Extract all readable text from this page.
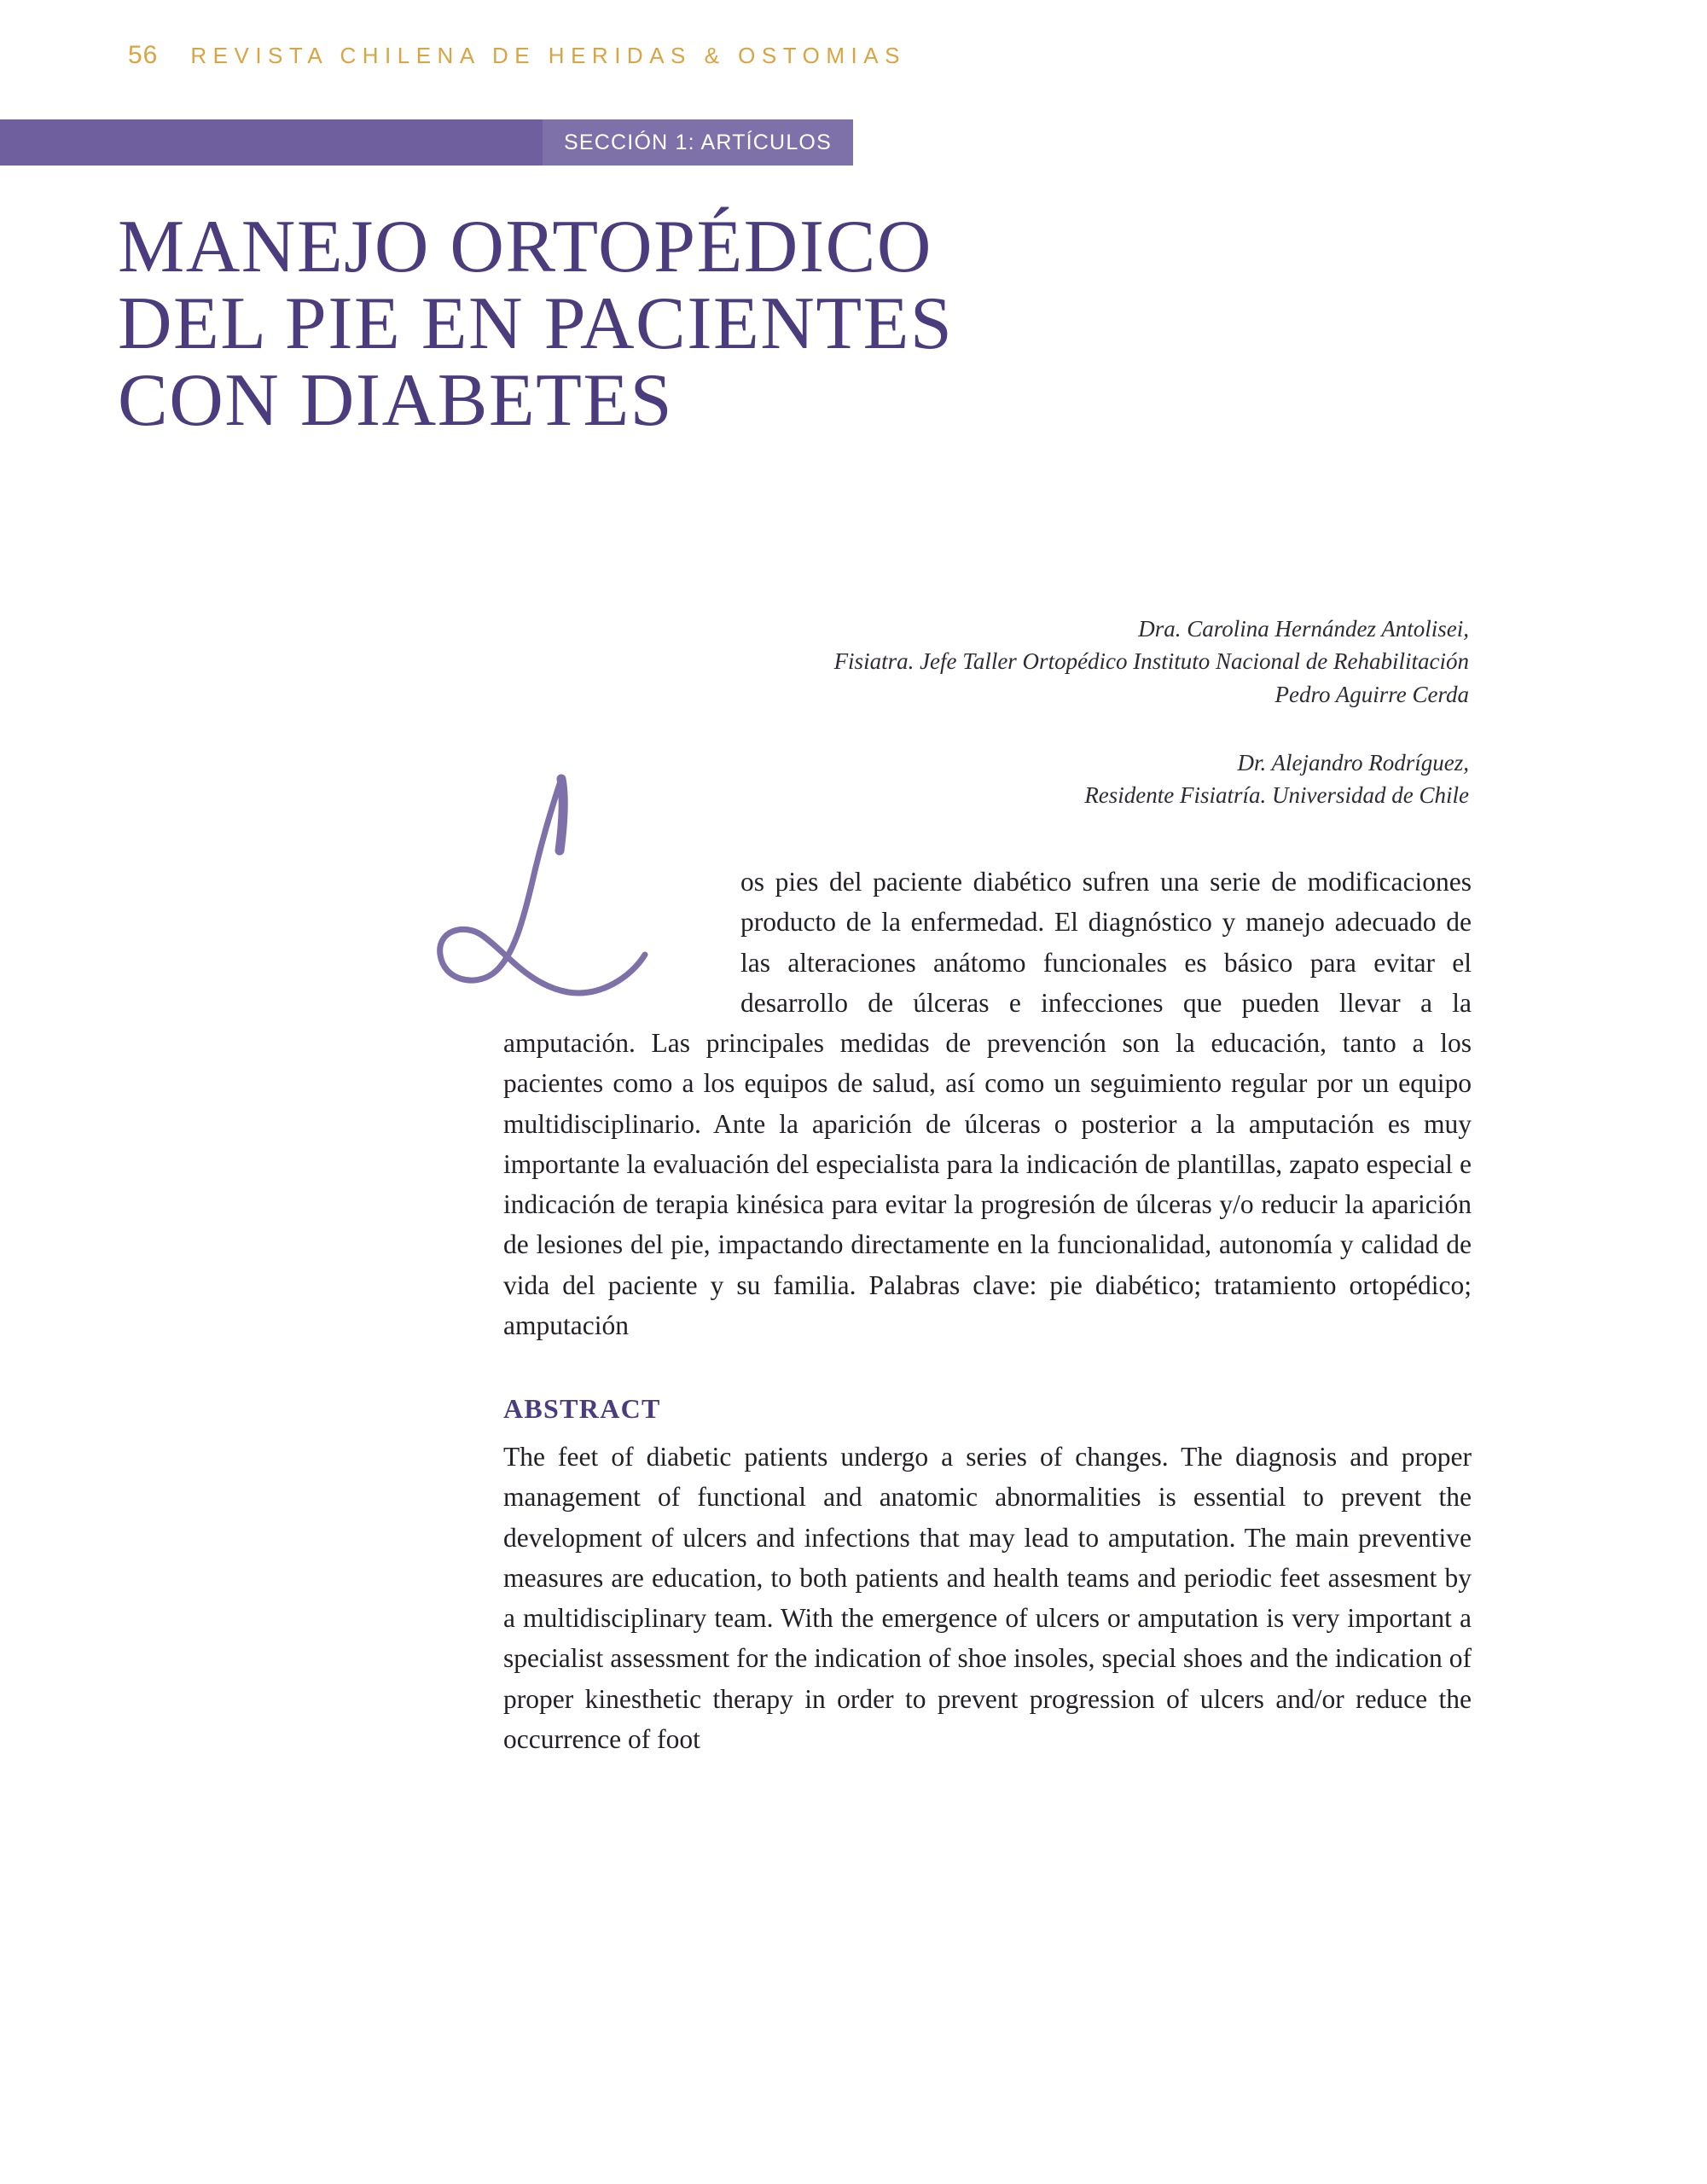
56 REVISTA CHILENA DE HERIDAS & OSTOMIAS
SECCIÓN 1: ARTÍCULOS
MANEJO ORTOPÉDICO
DEL PIE EN PACIENTES
CON DIABETES
Dra. Carolina Hernández Antolisei,
Fisiatra. Jefe Taller Ortopédico Instituto Nacional de Rehabilitación
Pedro Aguirre Cerda
Dr. Alejandro Rodríguez,
Residente Fisiatría. Universidad de Chile

os pies del paciente diabético sufren una serie de modificaciones producto de la enfermedad. El diagnóstico y manejo adecuado de las alteraciones anátomo funcionales es básico para evitar el desarrollo de úlceras e infecciones que pueden llevar a la amputación. Las principales medidas de prevención son la educación, tanto a los pacientes como a los equipos de salud, así como un seguimiento regular por un equipo multidisciplinario. Ante la aparición de úlceras o posterior a la amputación es muy importante la evaluación del especialista para la indicación de plantillas, zapato especial e indicación de terapia kinésica para evitar la progresión de úlceras y/o reducir la aparición de lesiones del pie, impactando directamente en la funcionalidad, autonomía y calidad de vida del paciente y su familia. Palabras clave: pie diabético; tratamiento ortopédico; amputación

ABSTRACT

The feet of diabetic patients undergo a series of changes. The diagnosis and proper management of functional and anatomic abnormalities is essential to prevent the development of ulcers and infections that may lead to amputation. The main preventive measures are education, to both patients and health teams and periodic feet assesment by a multidisciplinary team. With the emergence of ulcers or amputation is very important a specialist assessment for the indication of shoe insoles, special shoes and the indication of proper kinesthetic therapy in order to prevent progression of ulcers and/or reduce the occurrence of foot
